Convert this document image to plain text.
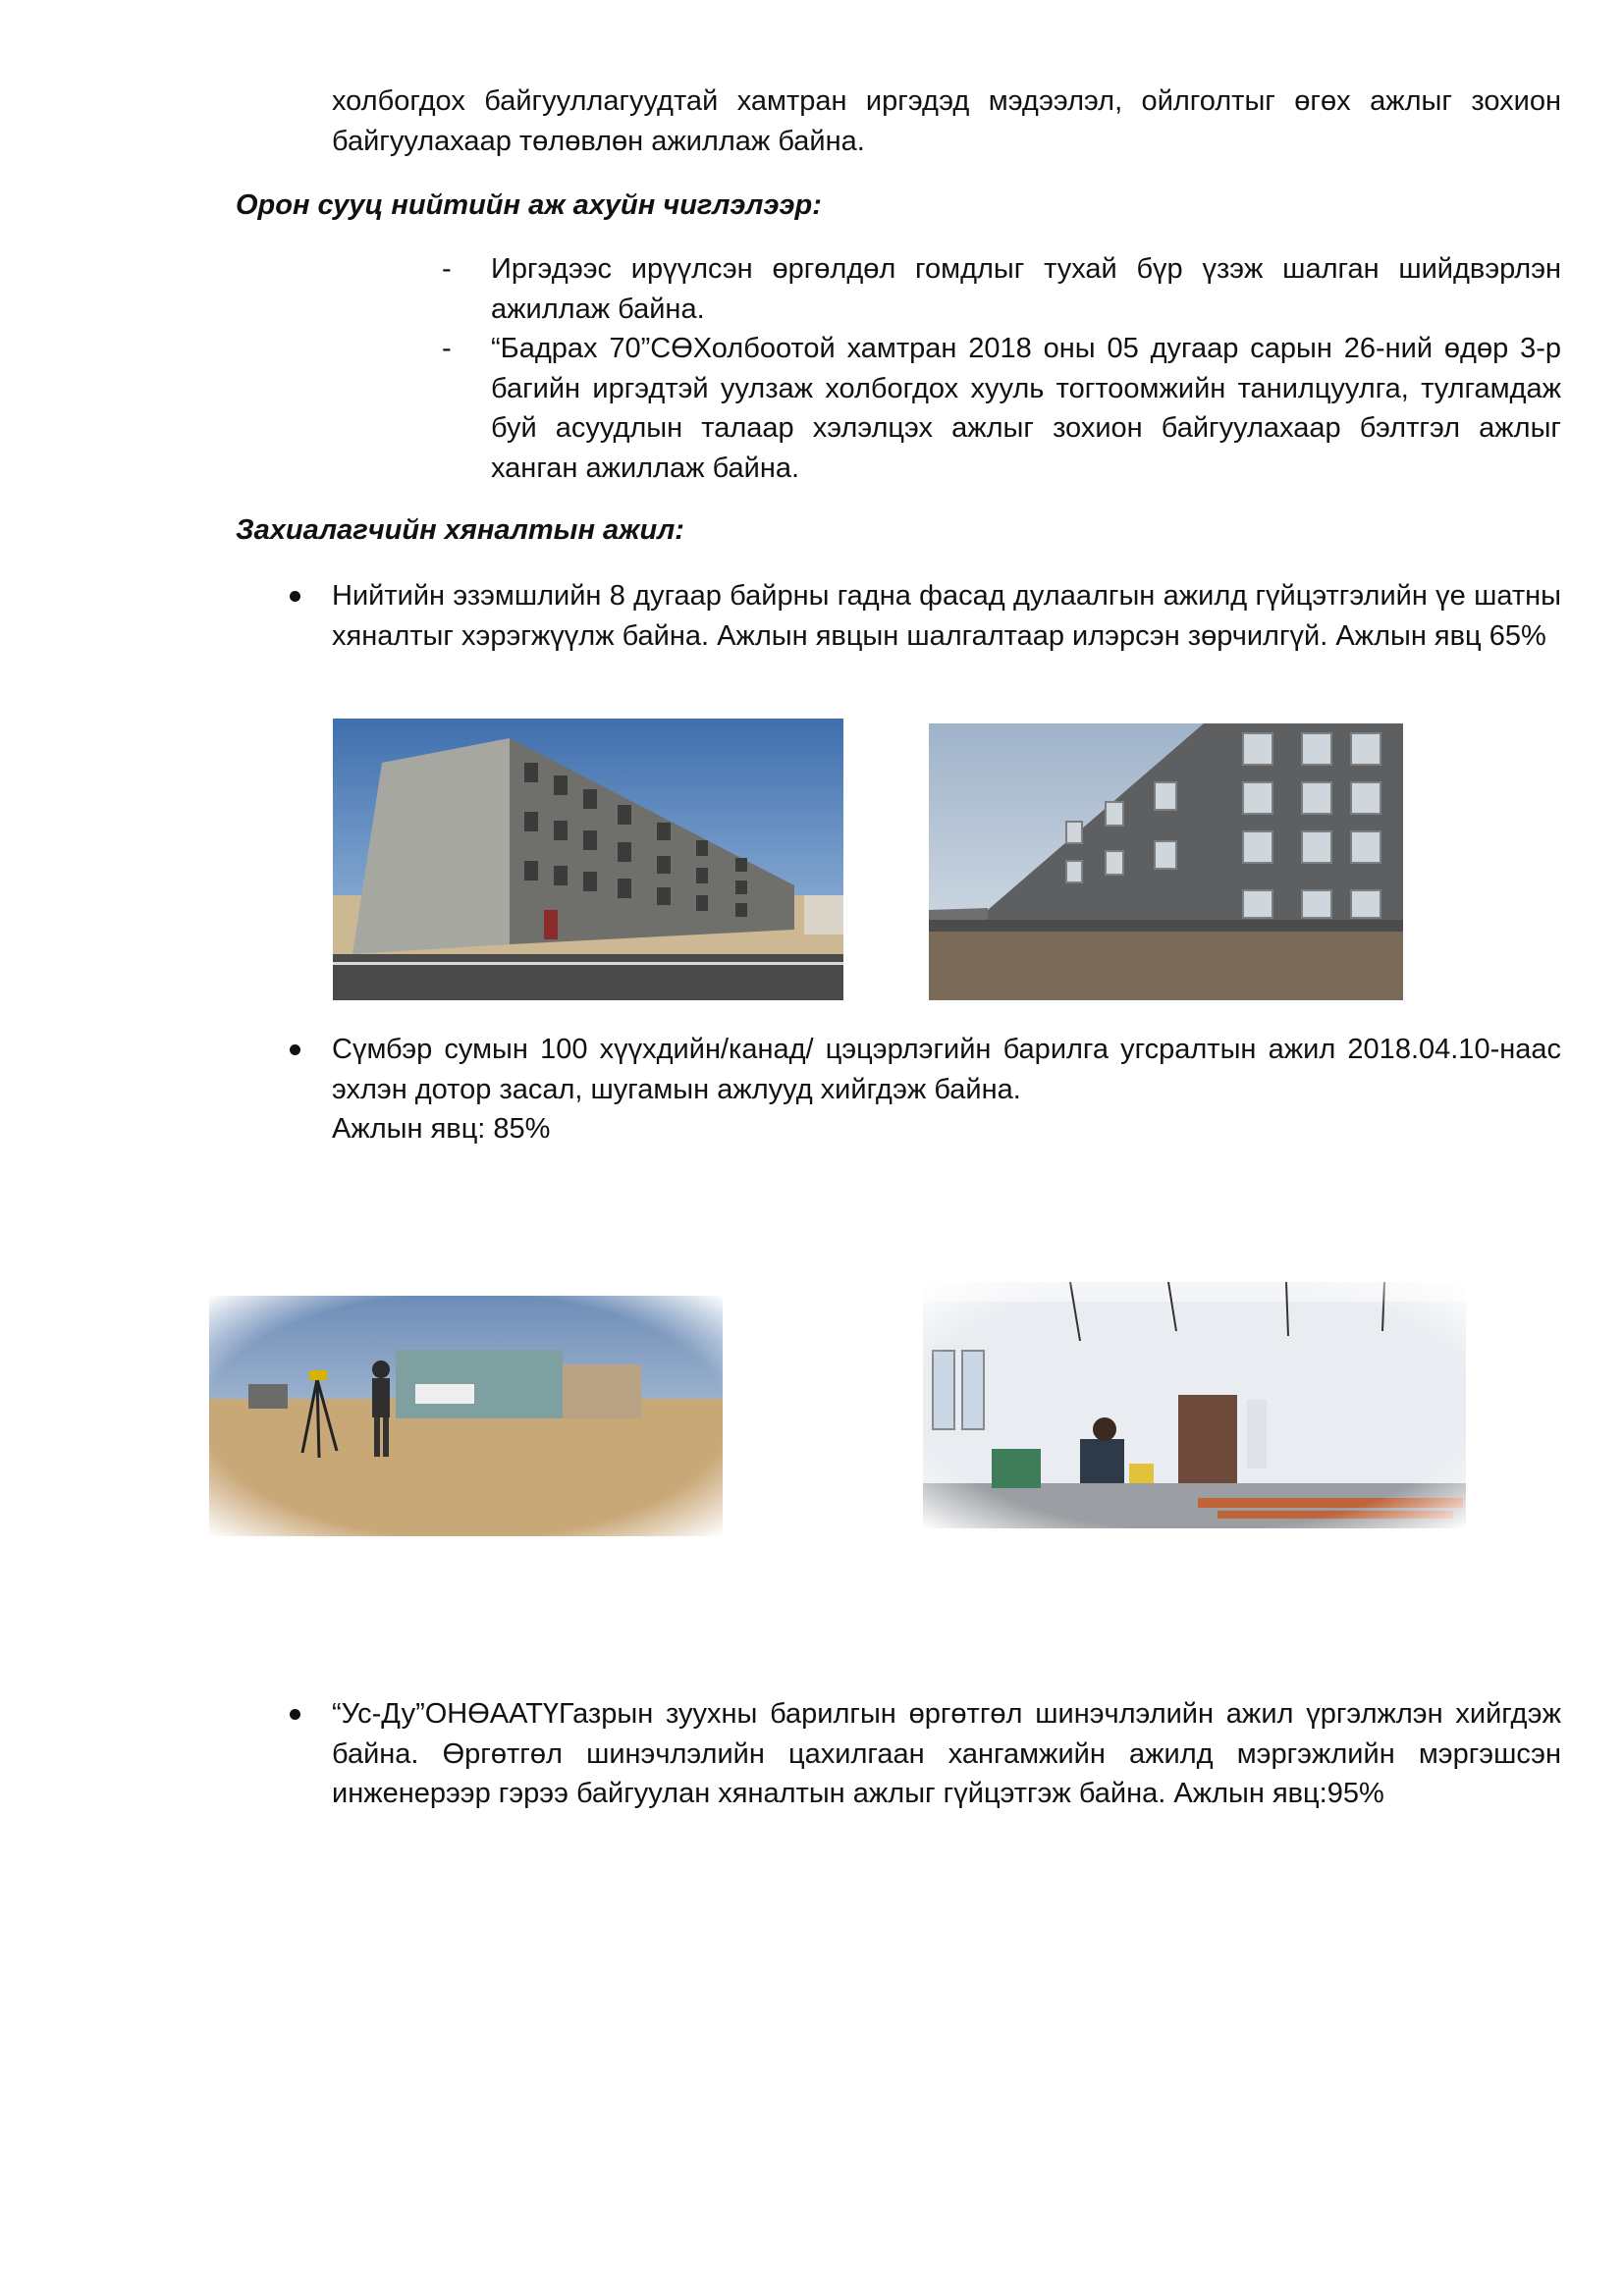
холбогдох байгууллагуудтай хамтран иргэдэд мэдээлэл, ойлголтыг өгөх ажлыг зохион байгуулахаар төлөвлөн ажиллаж байна.

Орон сууц нийтийн аж ахуйн чиглэлээр:
- Иргэдээс ирүүлсэн өргөлдөл гомдлыг тухай бүр үзэж шалган шийдвэрлэн ажиллаж байна.

- “Бадрах 70”СӨХолбоотой хамтран 2018 оны 05 дугаар сарын 26-ний өдөр 3-р багийн иргэдтэй уулзаж холбогдох хууль тогтоомжийн танилцуулга, тулгамдаж буй асуудлын талаар хэлэлцэх ажлыг зохион байгуулахаар бэлтгэл ажлыг ханган ажиллаж байна.

Захиалагчийн хяналтын ажил:

Нийтийн эзэмшлийн 8 дугаар байрны гадна фасад дулаалгын ажилд гүйцэтгэлийн үе шатны хяналтыг хэрэгжүүлж байна. Ажлын явцын шалгалтаар илэрсэн зөрчилгүй. Ажлын явц 65%

Сүмбэр сумын 100 хүүхдийн/канад/ цэцэрлэгийн барилга угсралтын ажил 2018.04.10-наас эхлэн дотор засал, шугамын ажлууд хийгдэж байна.

Ажлын явц: 85%

“Ус-Ду”ОНӨААТҮГазрын зуухны барилгын өргөтгөл шинэчлэлийн ажил үргэлжлэн хийгдэж байна. Өргөтгөл шинэчлэлийн цахилгаан хангамжийн ажилд мэргэжлийн мэргэшсэн инженерээр гэрээ байгуулан хяналтын ажлыг гүйцэтгэж байна. Ажлын явц:95%
